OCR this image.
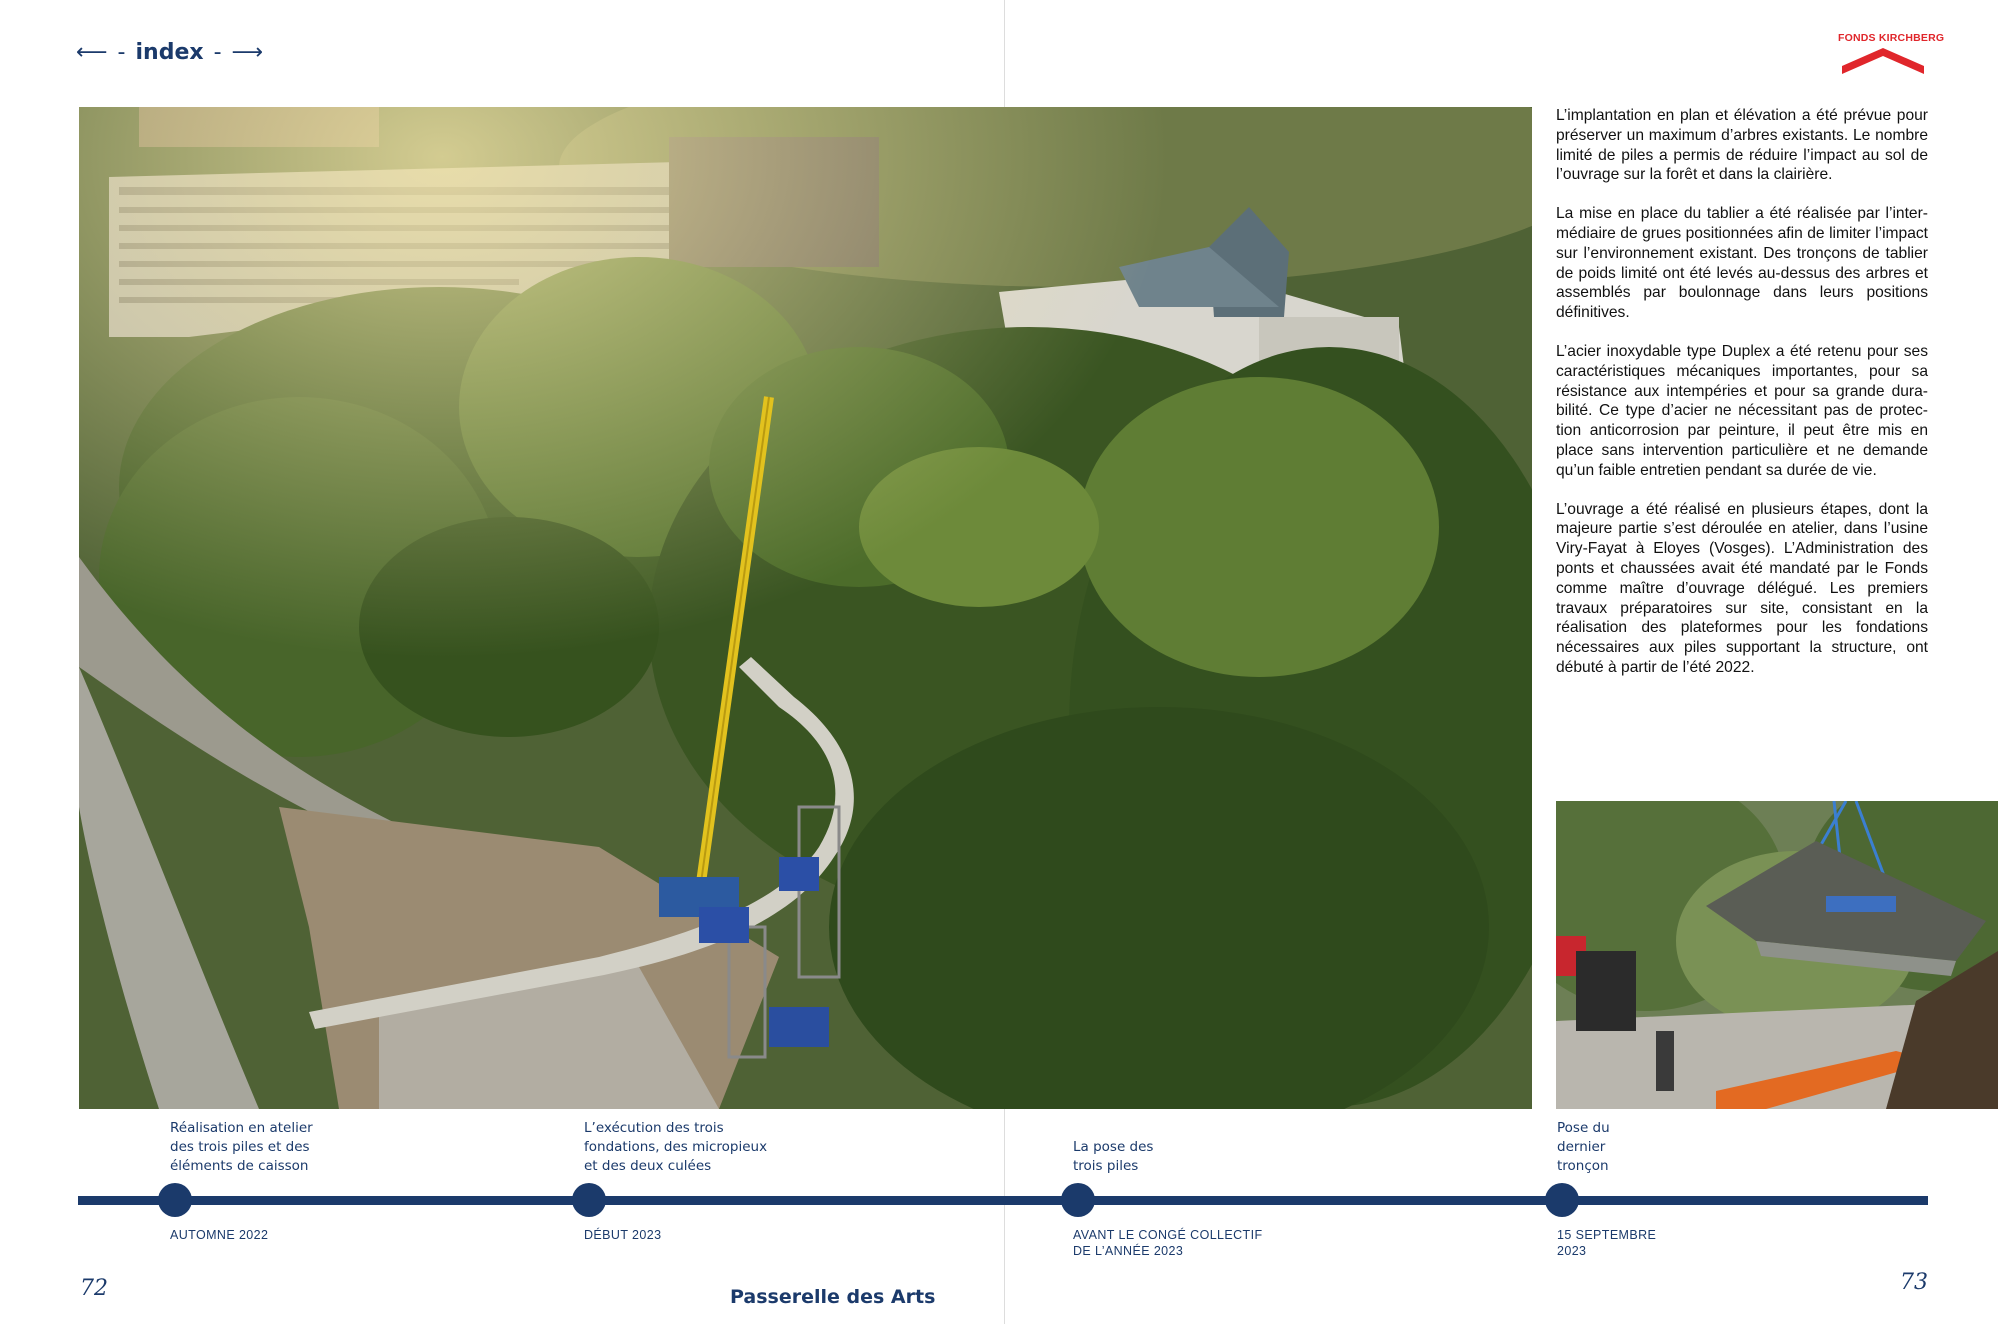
⟵ - index - ⟶
FONDS KIRCHBERG

L’implantation en plan et élévation a été prévue pour préserver un maximum d’arbres existants. Le nombre limité de piles a permis de réduire l’impact au sol de l’ouvrage sur la forêt et dans la clairière.

La mise en place du tablier a été réalisée par l’intermédiaire de grues positionnées afin de limiter l’impact sur l’environnement existant. Des tronçons de tablier de poids limité ont été levés au-dessus des arbres et assemblés par boulonnage dans leurs positions définitives.

L’acier inoxydable type Duplex a été retenu pour ses caractéristiques mécaniques importantes, pour sa résistance aux intempéries et pour sa grande durabilité. Ce type d’acier ne nécessitant pas de protection anticorrosion par peinture, il peut être mis en place sans intervention particulière et ne demande qu’un faible entretien pendant sa durée de vie.

L’ouvrage a été réalisé en plusieurs étapes, dont la majeure partie s’est déroulée en atelier, dans l’usine Viry-Fayat à Eloyes (Vosges). L’Administration des ponts et chaussées avait été mandaté par le Fonds comme maître d’ouvrage délégué. Les premiers travaux préparatoires sur site, consistant en la réalisation des plateformes pour les fondations nécessaires aux piles supportant la structure, ont débuté à partir de l’été 2022.

Réalisation en atelier
des trois piles et des
éléments de caisson
AUTOMNE 2022
L’exécution des trois
fondations, des micropieux
et des deux culées
DÉBUT 2023
La pose des
trois piles
AVANT LE CONGÉ COLLECTIF
DE L’ANNÉE 2023
Pose du
dernier
tronçon
15 SEPTEMBRE
2023
72	Passerelle des Arts
73
